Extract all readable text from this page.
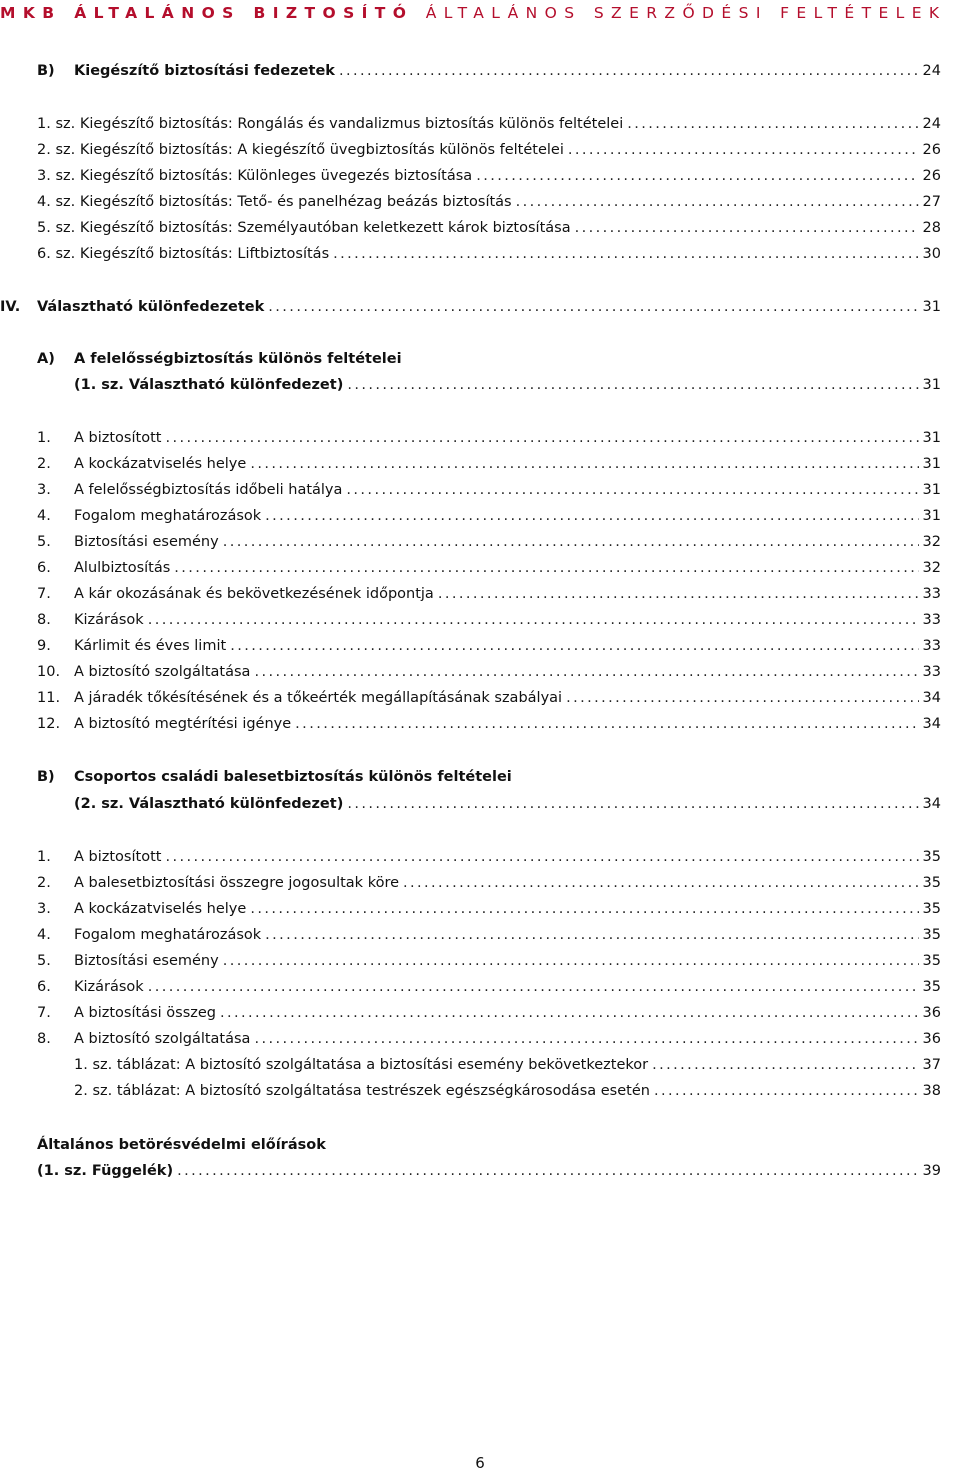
MKB ÁLTALÁNOS BIZTOSÍTÓ ÁLTALÁNOS SZERZŐDÉSI FELTÉTELEK
B)	Kiegészítő biztosítási fedezetek .....	24
1. sz. Kiegészítő biztosítás: Rongálás és vandalizmus biztosítás különös feltételei .....	24
2. sz. Kiegészítő biztosítás: A kiegészítő üvegbiztosítás különös feltételei .....	26
3. sz. Kiegészítő biztosítás: Különleges üvegezés biztosítása .....	26
4. sz. Kiegészítő biztosítás: Tető- és panelhézag beázás biztosítás .....	27
5. sz. Kiegészítő biztosítás: Személyautóban keletkezett károk biztosítása .....	28
6. sz. Kiegészítő biztosítás: Liftbiztosítás .....	30
IV.	Választható különfedezetek .....	31
A) A felelősségbiztosítás különös feltételei
(1. sz. Választható különfedezet) .....	31
1.	A biztosított .....	31
2.	A kockázatviselés helye .....	31
3.	A felelősségbiztosítás időbeli hatálya .....	31
4.	Fogalom meghatározások .....	31
5.	Biztosítási esemény .....	32
6.	Alulbiztosítás .....	32
7.	A kár okozásának és bekövetkezésének időpontja .....	33
8.	Kizárások .....	33
9.	Kárlimit és éves limit .....	33
10. A biztosító szolgáltatása .....	33
11. A járadék tőkésítésének és a tőkeérték megállapításának szabályai .....	34
12. A biztosító megtérítési igénye .....	34
B) Csoportos családi balesetbiztosítás különös feltételei
(2. sz. Választható különfedezet) .....	34
1.	A biztosított .....	35
2.	A balesetbiztosítási összegre jogosultak köre .....	35
3.	A kockázatviselés helye .....	35
4.	Fogalom meghatározások .....	35
5.	Biztosítási esemény .....	35
6.	Kizárások .....	35
7.	A biztosítási összeg .....	36
8.	A biztosító szolgáltatása .....	36
1. sz. táblázat: A biztosító szolgáltatása a biztosítási esemény bekövetkeztekor .....	37
2. sz. táblázat: A biztosító szolgáltatása testrészek egészségkárosodása esetén .....	38
Általános betörésvédelmi előírások
(1. sz. Függelék) .....	39
6
